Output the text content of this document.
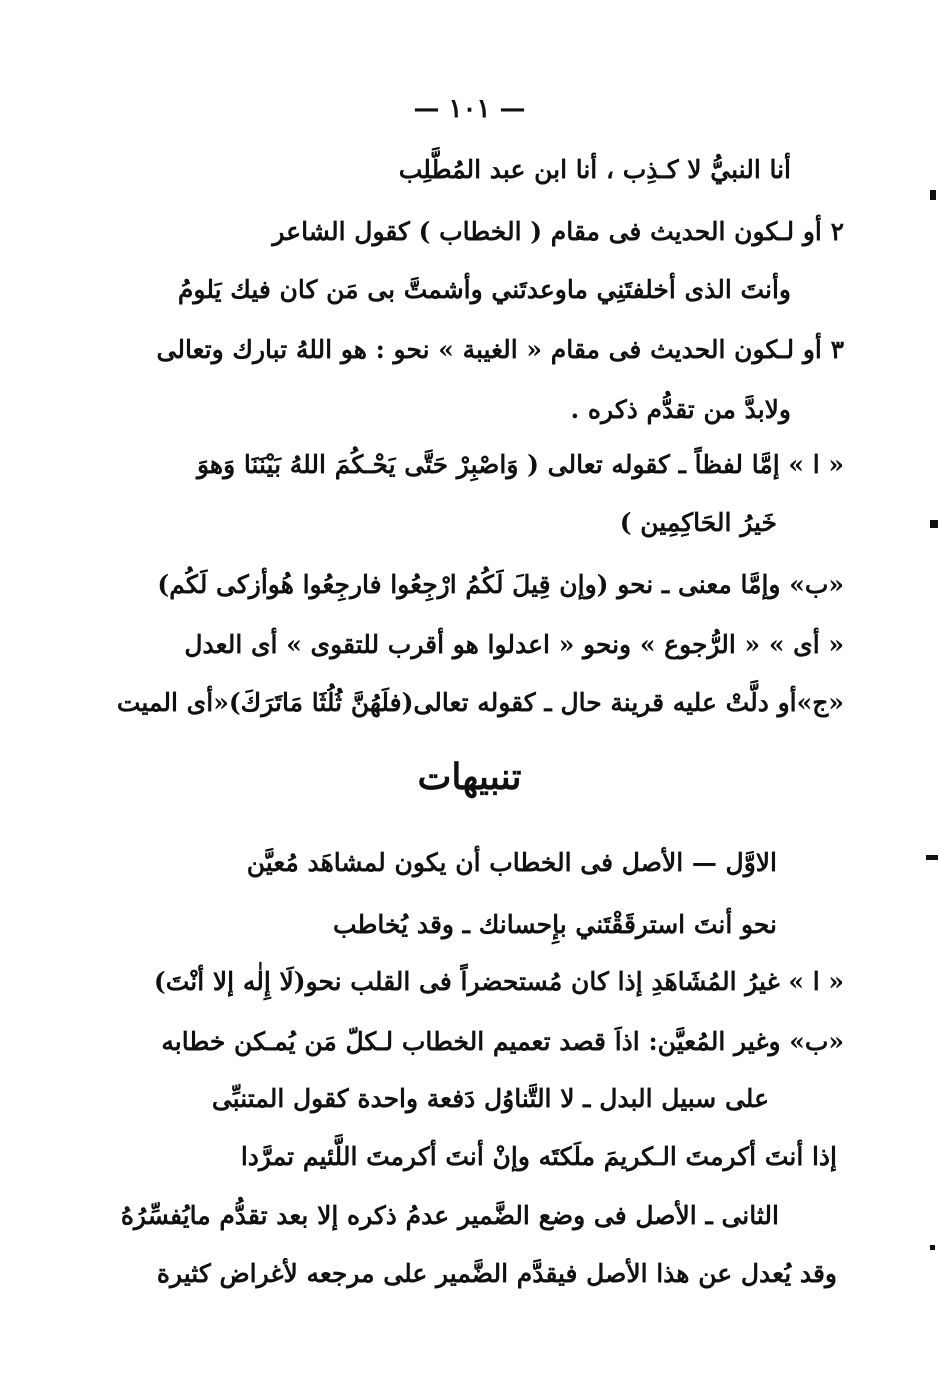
— ١٠١ —
أنا النبيُّ لا كـذِب ، أنا ابن عبد المُطَّلِب
٢ أو لـكون الحديث فى مقام ( الخطاب ) كقول الشاعر
وأنتَ الذى أخلفتَنِي ماوعدتَني وأشمتَّ بى مَن كان فيك يَلومُ
٣ أو لـكون الحديث فى مقام « الغيبة » نحو : هو اللهُ تبارك وتعالى
ولابدَّ من تقدُّم ذكره .
« ا » إمَّا لفظاً ـ كقوله تعالى ( وَاصْبِرْ حَتَّى يَحْـكُمَ اللهُ بَيْنَنَا وَهوَ
خَيرُ الحَاكِمِين )
«ب» وإمَّا معنى ـ نحو (وإن قِيلَ لَكُمُ ارْجِعُوا فارجِعُوا هُوأزكى لَكُم)
« أى » « الرُّجوع » ونحو « اعدلوا هو أقرب للتقوى » أى العدل
«ج»أو دلَّتْ عليه قرينة حال ـ كقوله تعالى(فلَهُنَّ ثُلُثَا مَاتَرَكَ)«أى الميت
تنبيهات
الاوَّل — الأصل فى الخطاب أن يكون لمشاهَد مُعيَّن
نحو أنتَ استرقَقْتَني بإِحسانك ـ وقد يُخاطب
« ا » غيرُ المُشَاهَدِ إذا كان مُستحضراً فى القلب نحو(لَا إِلٰه إلا أنْتَ)
«ب» وغير المُعيَّن: اذاَ قصد تعميم الخطاب لـكلّ مَن يُمـكن خطابه
على سبيل البدل ـ لا التَّناوُل دَفعة واحدة كقول المتنبِّى
إذا أنتَ أكرمتَ الـكريمَ ملَكتَه وإنْ أنتَ أكرمتَ اللَّئيم تمرَّدا
الثانى ـ الأصل فى وضع الضَّمير عدمُ ذكره إلا بعد تقدُّم مايُفسِّرُهُ
وقد يُعدل عن هذا الأصل فيقدَّم الضَّمير على مرجعه لأغراض كثيرة
